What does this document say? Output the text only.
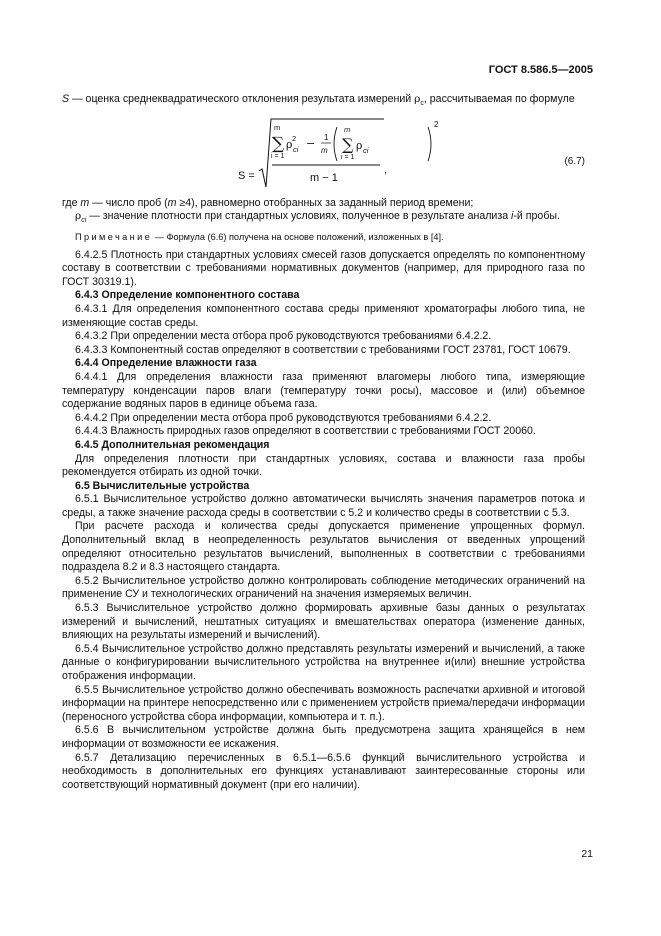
ГОСТ 8.586.5—2005

S — оценка среднеквадратического отклонения результата измерений $\rho_c$, рассчитываемая по формуле

S =
m
∑
i = 1
ρ 2
ci − 1
m
m
∑
i = 1
ρ ci
2
m − 1
,
(6.7)

где m — число проб (m ≥4), равномерно отобранных за заданный период времени;

$\rho_{ci}$ — значение плотности при стандартных условиях, полученное в результате анализа i-й пробы.

Примечание — Формула (6.6) получена на основе положений, изложенных в [4].

6.4.2.5 Плотность при стандартных условиях смесей газов допускается определять по компонентному составу в соответствии с требованиями нормативных документов (например, для природного газа по ГОСТ 30319.1).

6.4.3 Определение компонентного состава

6.4.3.1 Для определения компонентного состава среды применяют хроматографы любого типа, не изменяющие состав среды.

6.4.3.2 При определении места отбора проб руководствуются требованиями 6.4.2.2.

6.4.3.3 Компонентный состав определяют в соответствии с требованиями ГОСТ 23781, ГОСТ 10679.

6.4.4 Определение влажности газа

6.4.4.1 Для определения влажности газа применяют влагомеры любого типа, измеряющие температуру конденсации паров влаги (температуру точки росы), массовое и (или) объемное содержание водяных паров в единице объема газа.

6.4.4.2 При определении места отбора проб руководствуются требованиями 6.4.2.2.

6.4.4.3 Влажность природных газов определяют в соответствии с требованиями ГОСТ 20060.

6.4.5 Дополнительная рекомендация

Для определения плотности при стандартных условиях, состава и влажности газа пробы рекомендуется отбирать из одной точки.

6.5 Вычислительные устройства

6.5.1 Вычислительное устройство должно автоматически вычислять значения параметров потока и среды, а также значение расхода среды в соответствии с 5.2 и количество среды в соответствии с 5.3.

При расчете расхода и количества среды допускается применение упрощенных формул. Дополнительный вклад в неопределенность результатов вычисления от введенных упрощений определяют относительно результатов вычислений, выполненных в соответствии с требованиями подраздела 8.2 и 8.3 настоящего стандарта.

6.5.2 Вычислительное устройство должно контролировать соблюдение методических ограничений на применение СУ и технологических ограничений на значения измеряемых величин.

6.5.3 Вычислительное устройство должно формировать архивные базы данных о результатах измерений и вычислений, нештатных ситуациях и вмешательствах оператора (изменение данных, влияющих на результаты измерений и вычислений).

6.5.4 Вычислительное устройство должно представлять результаты измерений и вычислений, а также данные о конфигурировании вычислительного устройства на внутреннее и(или) внешние устройства отображения информации.

6.5.5 Вычислительное устройство должно обеспечивать возможность распечатки архивной и итоговой информации на принтере непосредственно или с применением устройств приема/передачи информации (переносного устройства сбора информации, компьютера и т. п.).

6.5.6 В вычислительном устройстве должна быть предусмотрена защита хранящейся в нем информации от возможности ее искажения.

6.5.7 Детализацию перечисленных в 6.5.1—6.5.6 функций вычислительного устройства и необходимость в дополнительных его функциях устанавливают заинтересованные стороны или соответствующий нормативный документ (при его наличии).

21
